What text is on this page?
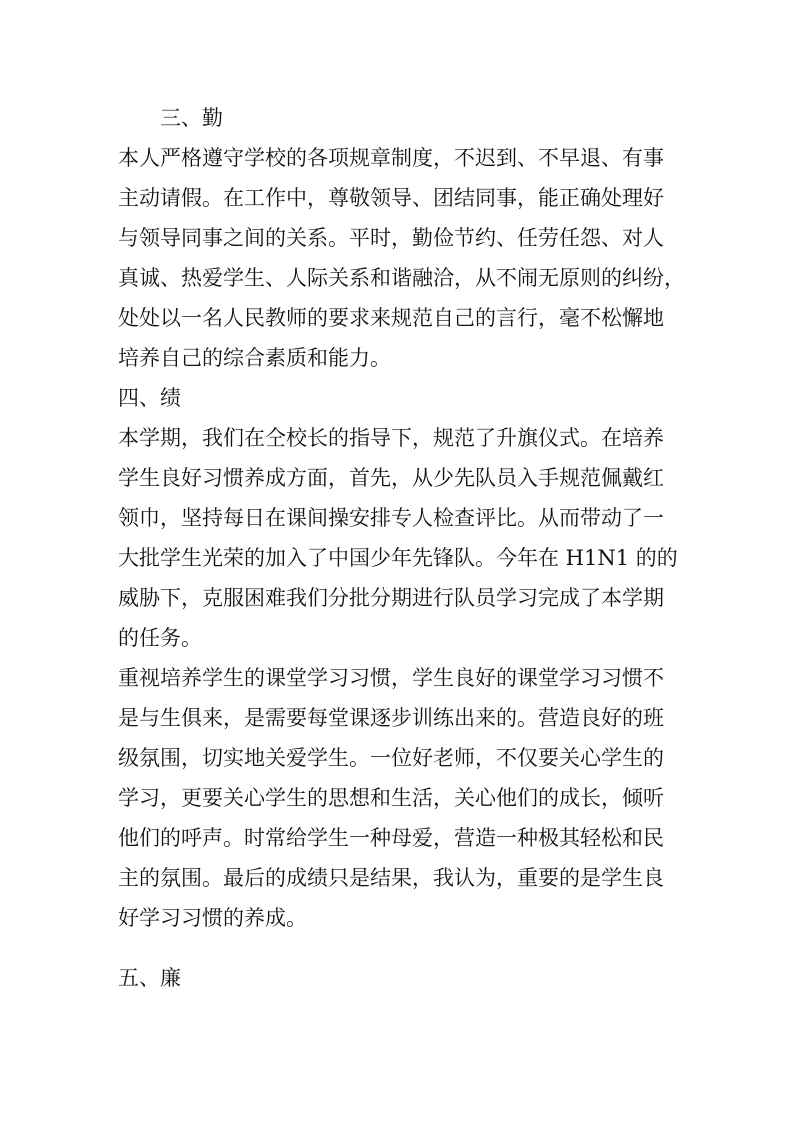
三、勤
本人严格遵守学校的各项规章制度，不迟到、不早退、有事
主动请假。在工作中，尊敬领导、团结同事，能正确处理好
与领导同事之间的关系。平时，勤俭节约、任劳任怨、对人
真诚、热爱学生、人际关系和谐融洽，从不闹无原则的纠纷，
处处以一名人民教师的要求来规范自己的言行，毫不松懈地
培养自己的综合素质和能力。
四、绩
本学期，我们在仝校长的指导下，规范了升旗仪式。在培养
学生良好习惯养成方面，首先，从少先队员入手规范佩戴红
领巾，坚持每日在课间操安排专人检查评比。从而带动了一
大批学生光荣的加入了中国少年先锋队。今年在 H1N1 的的
威胁下，克服困难我们分批分期进行队员学习完成了本学期
的任务。
重视培养学生的课堂学习习惯，学生良好的课堂学习习惯不
是与生俱来，是需要每堂课逐步训练出来的。营造良好的班
级氛围，切实地关爱学生。一位好老师，不仅要关心学生的
学习，更要关心学生的思想和生活，关心他们的成长，倾听
他们的呼声。时常给学生一种母爱，营造一种极其轻松和民
主的氛围。最后的成绩只是结果，我认为，重要的是学生良
好学习习惯的养成。
五、廉
